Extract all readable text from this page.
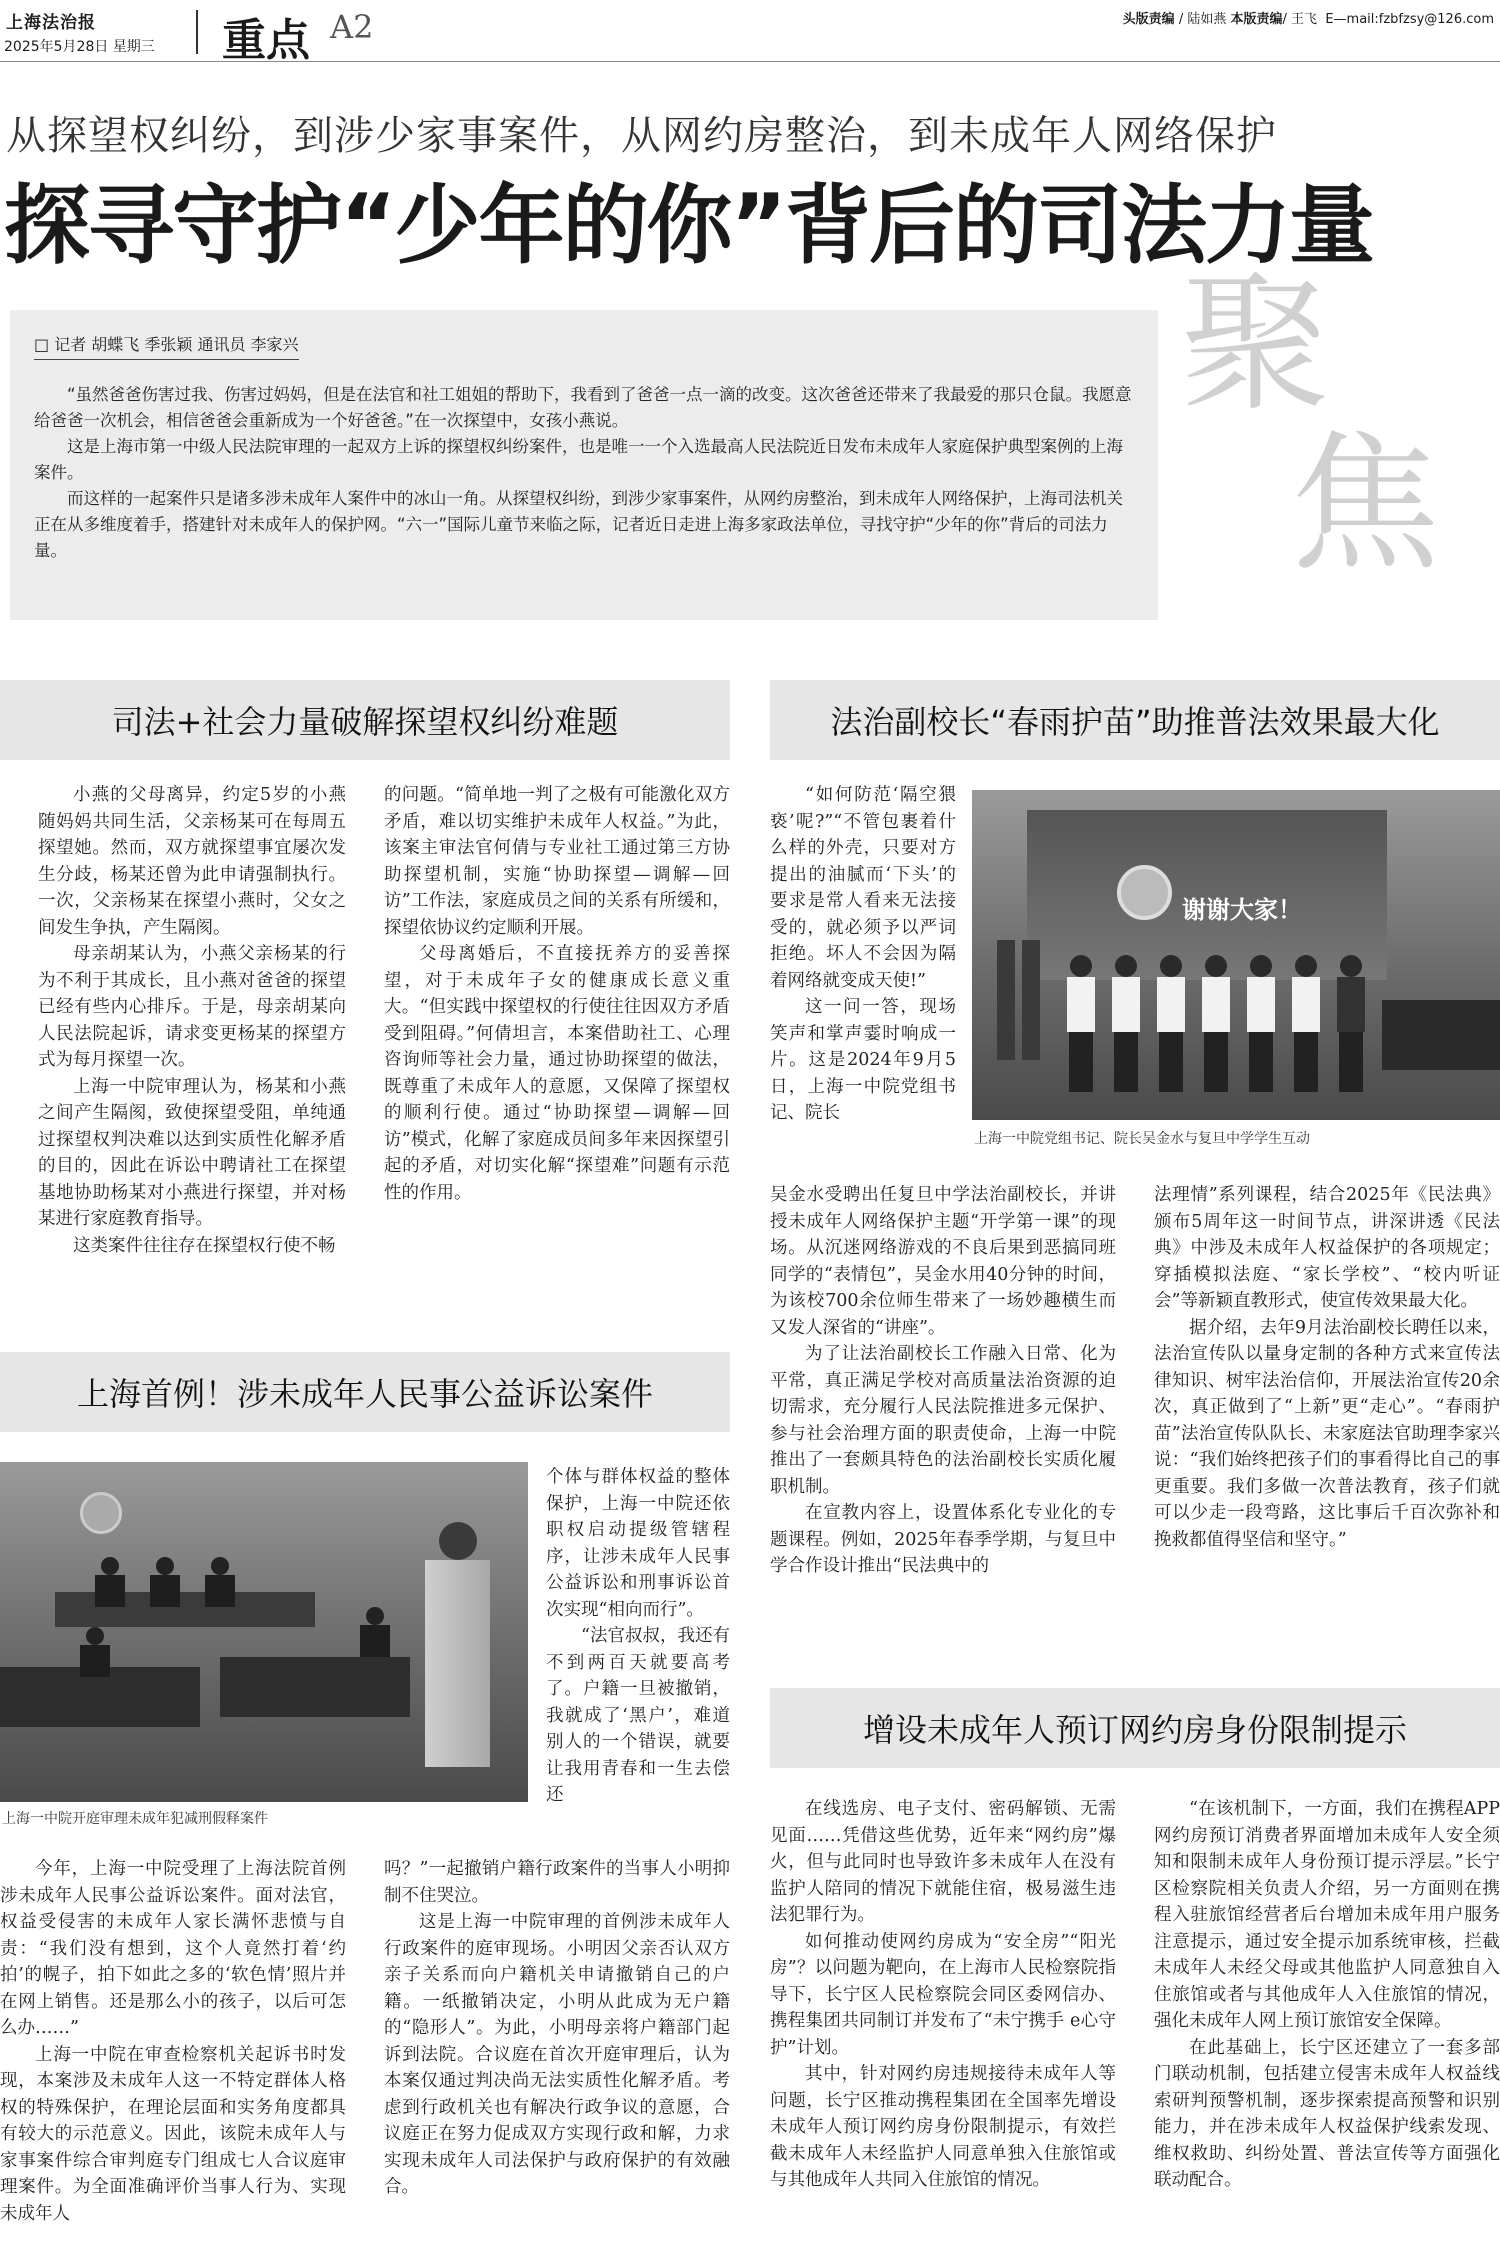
上海法治报
2025年5月28日 星期三 重点 A2	头版责编 / 陆如燕 本版责编/ 王飞 E—mail:fzbfzsy@126.com
从探望权纠纷，到涉少家事案件，从网约房整治，到未成年人网络保护
探寻守护“少年的你”背后的司法力量
□ 记者 胡蝶飞 季张颖 通讯员 李家兴

“虽然爸爸伤害过我、伤害过妈妈，但是在法官和社工姐姐的帮助下，我看到了爸爸一点一滴的改变。这次爸爸还带来了我最爱的那只仓鼠。我愿意给爸爸一次机会，相信爸爸会重新成为一个好爸爸。”在一次探望中，女孩小燕说。

这是上海市第一中级人民法院审理的一起双方上诉的探望权纠纷案件，也是唯一一个入选最高人民法院近日发布未成年人家庭保护典型案例的上海案件。

而这样的一起案件只是诸多涉未成年人案件中的冰山一角。从探望权纠纷，到涉少家事案件，从网约房整治，到未成年人网络保护，上海司法机关正在从多维度着手，搭建针对未成年人的保护网。“六一”国际儿童节来临之际，记者近日走进上海多家政法单位，寻找守护“少年的你”背后的司法力量。

聚
焦
司法+社会力量破解探望权纠纷难题

小燕的父母离异，约定5岁的小燕随妈妈共同生活，父亲杨某可在每周五探望她。然而，双方就探望事宜屡次发生分歧，杨某还曾为此申请强制执行。一次，父亲杨某在探望小燕时，父女之间发生争执，产生隔阂。

母亲胡某认为，小燕父亲杨某的行为不利于其成长，且小燕对爸爸的探望已经有些内心排斥。于是，母亲胡某向人民法院起诉，请求变更杨某的探望方式为每月探望一次。

上海一中院审理认为，杨某和小燕之间产生隔阂，致使探望受阻，单纯通过探望权判决难以达到实质性化解矛盾的目的，因此在诉讼中聘请社工在探望基地协助杨某对小燕进行探望，并对杨某进行家庭教育指导。

这类案件往往存在探望权行使不畅

的问题。“简单地一判了之极有可能激化双方矛盾，难以切实维护未成年人权益。”为此，该案主审法官何倩与专业社工通过第三方协助探望机制，实施“协助探望—调解—回访”工作法，家庭成员之间的关系有所缓和，探望依协议约定顺利开展。

父母离婚后，不直接抚养方的妥善探望，对于未成年子女的健康成长意义重大。“但实践中探望权的行使往往因双方矛盾受到阻碍。”何倩坦言，本案借助社工、心理咨询师等社会力量，通过协助探望的做法，既尊重了未成年人的意愿，又保障了探望权的顺利行使。通过“协助探望—调解—回访”模式，化解了家庭成员间多年来因探望引起的矛盾，对切实化解“探望难”问题有示范性的作用。

上海首例！涉未成年人民事公益诉讼案件
上海一中院开庭审理未成年犯减刑假释案件

个体与群体权益的整体保护，上海一中院还依职权启动提级管辖程序，让涉未成年人民事公益诉讼和刑事诉讼首次实现“相向而行”。

“法官叔叔，我还有不到两百天就要高考了。户籍一旦被撤销，我就成了‘黑户’，难道别人的一个错误，就要让我用青春和一生去偿还

今年，上海一中院受理了上海法院首例涉未成年人民事公益诉讼案件。面对法官，权益受侵害的未成年人家长满怀悲愤与自责：“我们没有想到，这个人竟然打着‘约拍’的幌子，拍下如此之多的‘软色情’照片并在网上销售。还是那么小的孩子，以后可怎么办……”

上海一中院在审查检察机关起诉书时发现，本案涉及未成年人这一不特定群体人格权的特殊保护，在理论层面和实务角度都具有较大的示范意义。因此，该院未成年人与家事案件综合审判庭专门组成七人合议庭审理案件。为全面准确评价当事人行为、实现未成年人

吗？”一起撤销户籍行政案件的当事人小明抑制不住哭泣。

这是上海一中院审理的首例涉未成年人行政案件的庭审现场。小明因父亲否认双方亲子关系而向户籍机关申请撤销自己的户籍。一纸撤销决定，小明从此成为无户籍的“隐形人”。为此，小明母亲将户籍部门起诉到法院。合议庭在首次开庭审理后，认为本案仅通过判决尚无法实质性化解矛盾。考虑到行政机关也有解决行政争议的意愿，合议庭正在努力促成双方实现行政和解，力求实现未成年人司法保护与政府保护的有效融合。

法治副校长“春雨护苗”助推普法效果最大化

“如何防范‘隔空猥亵’呢?”“不管包裹着什么样的外壳，只要对方提出的油腻而‘下头’的要求是常人看来无法接受的，就必须予以严词拒绝。坏人不会因为隔着网络就变成天使!”

这一问一答，现场笑声和掌声霎时响成一片。这是2024年9月5日，上海一中院党组书记、院长

谢谢大家！
上海一中院党组书记、院长吴金水与复旦中学学生互动

吴金水受聘出任复旦中学法治副校长，并讲授未成年人网络保护主题“开学第一课”的现场。从沉迷网络游戏的不良后果到恶搞同班同学的“表情包”，吴金水用40分钟的时间，为该校700余位师生带来了一场妙趣横生而又发人深省的“讲座”。

为了让法治副校长工作融入日常、化为平常，真正满足学校对高质量法治资源的迫切需求，充分履行人民法院推进多元保护、参与社会治理方面的职责使命，上海一中院推出了一套颇具特色的法治副校长实质化履职机制。

在宣教内容上，设置体系化专业化的专题课程。例如，2025年春季学期，与复旦中学合作设计推出“民法典中的

法理情”系列课程，结合2025年《民法典》颁布5周年这一时间节点，讲深讲透《民法典》中涉及未成年人权益保护的各项规定；穿插模拟法庭、“家长学校”、“校内听证会”等新颖直教形式，使宣传效果最大化。

据介绍，去年9月法治副校长聘任以来，法治宣传队以量身定制的各种方式来宣传法律知识、树牢法治信仰，开展法治宣传20余次，真正做到了“上新”更“走心”。“春雨护苗”法治宣传队队长、未家庭法官助理李家兴说：“我们始终把孩子们的事看得比自己的事更重要。我们多做一次普法教育，孩子们就可以少走一段弯路，这比事后千百次弥补和挽救都值得坚信和坚守。”

增设未成年人预订网约房身份限制提示

在线选房、电子支付、密码解锁、无需见面……凭借这些优势，近年来“网约房”爆火，但与此同时也导致许多未成年人在没有监护人陪同的情况下就能住宿，极易滋生违法犯罪行为。

如何推动使网约房成为“安全房”“阳光房”？以问题为靶向，在上海市人民检察院指导下，长宁区人民检察院会同区委网信办、携程集团共同制订并发布了“未宁携手 e心守护”计划。

其中，针对网约房违规接待未成年人等问题，长宁区推动携程集团在全国率先增设未成年人预订网约房身份限制提示，有效拦截未成年人未经监护人同意单独入住旅馆或与其他成年人共同入住旅馆的情况。

“在该机制下，一方面，我们在携程APP网约房预订消费者界面增加未成年人安全须知和限制未成年人身份预订提示浮层。”长宁区检察院相关负责人介绍，另一方面则在携程入驻旅馆经营者后台增加未成年用户服务注意提示，通过安全提示加系统审核，拦截未成年人未经父母或其他监护人同意独自入住旅馆或者与其他成年人入住旅馆的情况，强化未成年人网上预订旅馆安全保障。

在此基础上，长宁区还建立了一套多部门联动机制，包括建立侵害未成年人权益线索研判预警机制，逐步探索提高预警和识别能力，并在涉未成年人权益保护线索发现、维权救助、纠纷处置、普法宣传等方面强化联动配合。
